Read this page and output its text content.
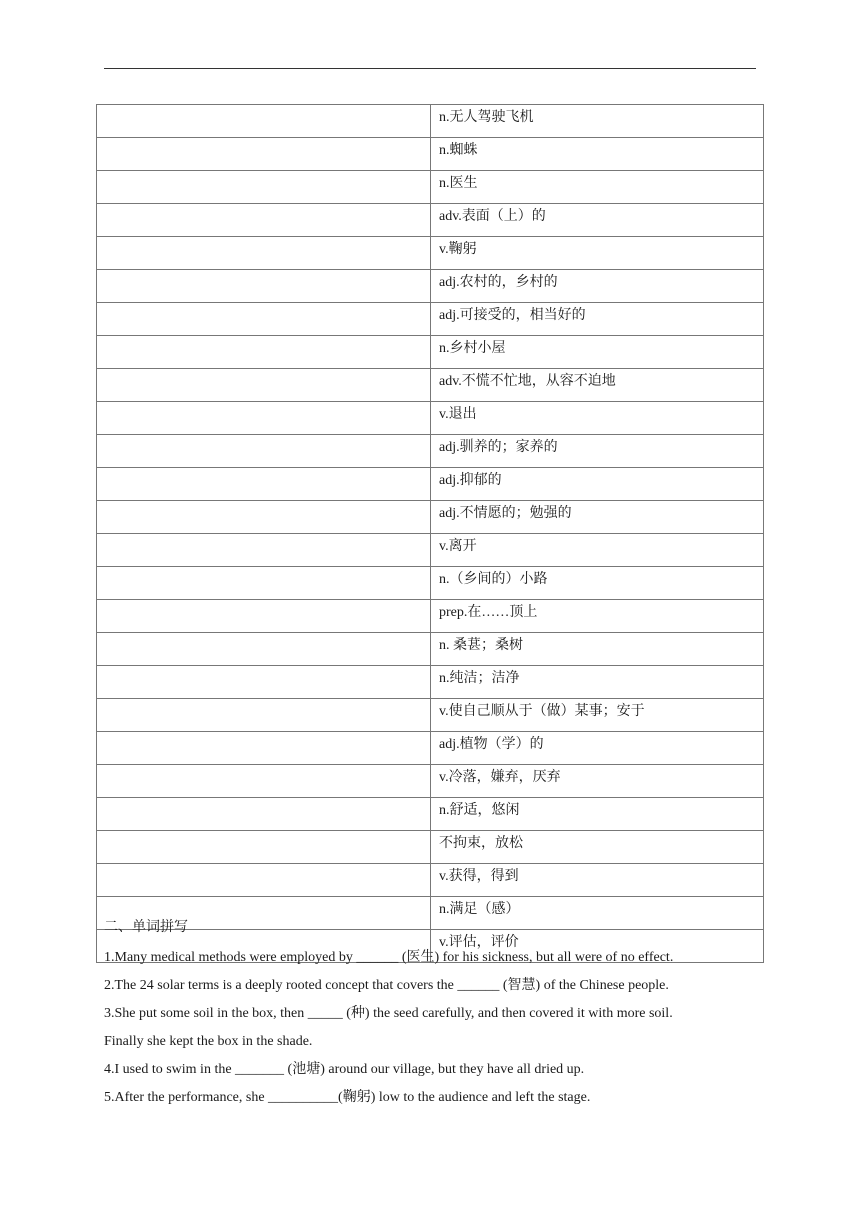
	n.无人驾驶飞机
	n.蜘蛛
	n.医生
	adv.表面（上）的
	v.鞠躬
	adj.农村的，乡村的
	adj.可接受的，相当好的
	n.乡村小屋
	adv.不慌不忙地，从容不迫地
	v.退出
	adj.驯养的；家养的
	adj.抑郁的
	adj.不情愿的；勉强的
	v.离开
	n.（乡间的）小路
	prep.在……顶上
	n. 桑葚；桑树
	n.纯洁；洁净
	v.使自己顺从于（做）某事；安于
	adj.植物（学）的
	v.冷落，嫌弃，厌弃
	n.舒适，悠闲
	不拘束，放松
	v.获得，得到
	n.满足（感）
	v.评估，评价
二、单词拼写

1.Many medical methods were employed by ______ (医生) for his sickness, but all were of no effect.

2.The 24 solar terms is a deeply rooted concept that covers the ______ (智慧) of the Chinese people.

3.She put some soil in the box, then _____ (种) the seed carefully, and then covered it with more soil.
Finally she kept the box in the shade.

4.I used to swim in the _______ (池塘) around our village, but they have all dried up.

5.After the performance, she __________(鞠躬) low to the audience and left the stage.
